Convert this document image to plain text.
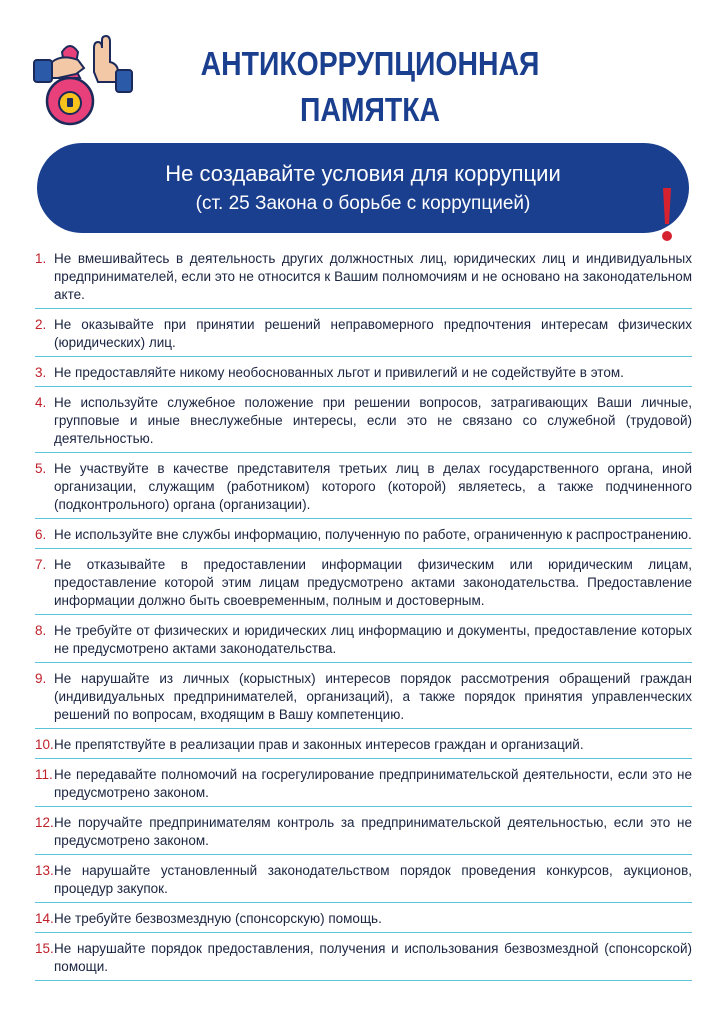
АНТИКОРРУПЦИОННАЯ
ПАМЯТКА
Не создавайте условия для коррупции
(ст. 25 Закона о борьбе с коррупцией)
1. Не вмешивайтесь в деятельность других должностных лиц, юридических лиц и индивидуальных предпринимателей, если это не относится к Вашим полномочиям и не основано на законодательном акте.
2. Не оказывайте при принятии решений неправомерного предпочтения интересам физических (юридических) лиц.
3. Не предоставляйте никому необоснованных льгот и привилегий и не содействуйте в этом.
4. Не используйте служебное положение при решении вопросов, затрагивающих Ваши личные, групповые и иные внеслужебные интересы, если это не связано со служебной (трудовой) деятельностью.
5. Не участвуйте в качестве представителя третьих лиц в делах государственного органа, иной организации, служащим (работником) которого (которой) являетесь, а также подчиненного (подконтрольного) органа (организации).
6. Не используйте вне службы информацию, полученную по работе, ограниченную к распространению.
7. Не отказывайте в предоставлении информации физическим или юридическим лицам, предоставление которой этим лицам предусмотрено актами законодательства. Предоставление информации должно быть своевременным, полным и достоверным.
8. Не требуйте от физических и юридических лиц информацию и документы, предоставление которых не предусмотрено актами законодательства.
9. Не нарушайте из личных (корыстных) интересов порядок рассмотрения обращений граждан (индивидуальных предпринимателей, организаций), а также порядок принятия управленческих решений по вопросам, входящим в Вашу компетенцию.
10. Не препятствуйте в реализации прав и законных интересов граждан и организаций.
11. Не передавайте полномочий на госрегулирование предпринимательской деятельности, если это не предусмотрено законом.
12. Не поручайте предпринимателям контроль за предпринимательской деятельностью, если это не предусмотрено законом.
13. Не нарушайте установленный законодательством порядок проведения конкурсов, аукционов, процедур закупок.
14. Не требуйте безвозмездную (спонсорскую) помощь.
15. Не нарушайте порядок предоставления, получения и использования безвозмездной (спонсорской) помощи.
